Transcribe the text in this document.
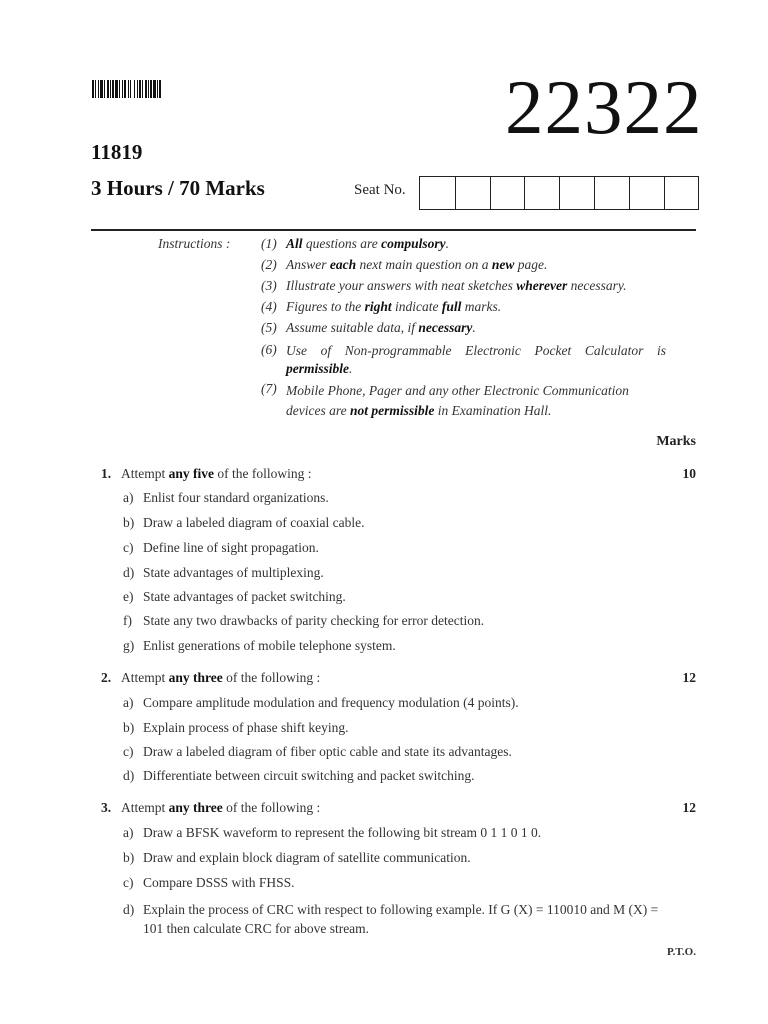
22322
11819
3 Hours / 70 Marks	Seat No.
Instructions : (1) All questions are compulsory.
(2) Answer each next main question on a new page.
(3) Illustrate your answers with neat sketches wherever necessary.
(4) Figures to the right indicate full marks.
(5) Assume suitable data, if necessary.
(6) Use of Non-programmable Electronic Pocket Calculator is
permissible.
(7) Mobile Phone, Pager and any other Electronic Communication
devices are not permissible in Examination Hall.
Marks
1. Attempt any five of the following :	10
a) Enlist four standard organizations.
b) Draw a labeled diagram of coaxial cable.
c) Define line of sight propagation.
d) State advantages of multiplexing.
e) State advantages of packet switching.
f) State any two drawbacks of parity checking for error detection.
g) Enlist generations of mobile telephone system.
2. Attempt any three of the following :	12
a) Compare amplitude modulation and frequency modulation (4 points).
b) Explain process of phase shift keying.
c) Draw a labeled diagram of fiber optic cable and state its advantages.
d) Differentiate between circuit switching and packet switching.
3. Attempt any three of the following :	12
a) Draw a BFSK waveform to represent the following bit stream 0 1 1 0 1 0.
b) Draw and explain block diagram of satellite communication.
c) Compare DSSS with FHSS.
d) Explain the process of CRC with respect to following example. If G (X) = 110010 and M (X) = 101 then calculate CRC for above stream.
P.T.O.
